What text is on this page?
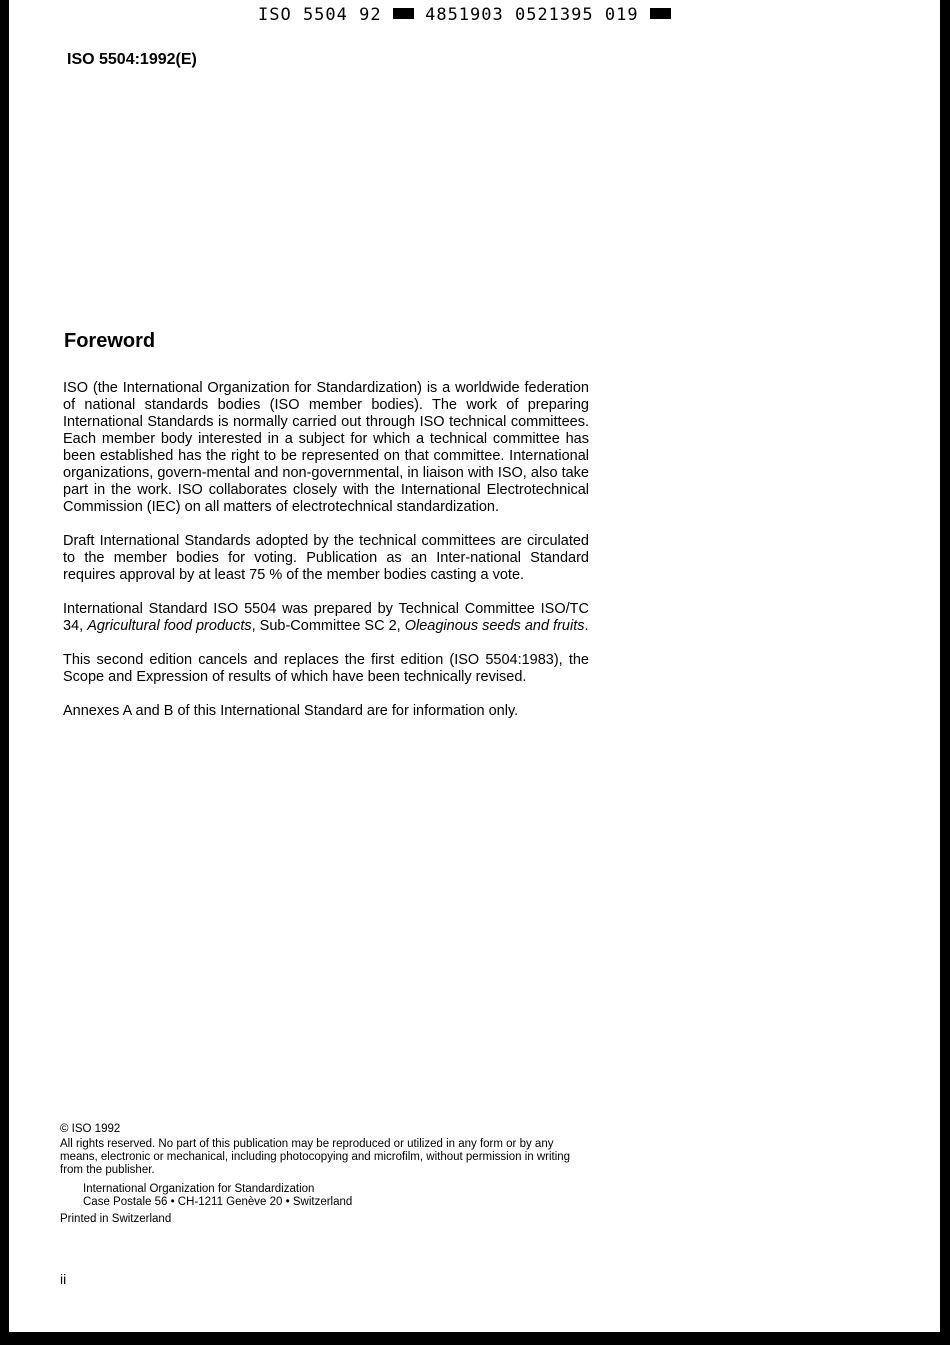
ISO 5504 92	4851903 0521395 019
ISO 5504:1992(E)
Foreword

ISO (the International Organization for Standardization) is a worldwide federation of national standards bodies (ISO member bodies). The work of preparing International Standards is normally carried out through ISO technical committees. Each member body interested in a subject for which a technical committee has been established has the right to be represented on that committee. International organizations, govern-mental and non-governmental, in liaison with ISO, also take part in the work. ISO collaborates closely with the International Electrotechnical Commission (IEC) on all matters of electrotechnical standardization.

Draft International Standards adopted by the technical committees are circulated to the member bodies for voting. Publication as an Inter-national Standard requires approval by at least 75 % of the member bodies casting a vote.

International Standard ISO 5504 was prepared by Technical Committee ISO/TC 34, Agricultural food products, Sub-Committee SC 2, Oleaginous seeds and fruits.

This second edition cancels and replaces the first edition (ISO 5504:1983), the Scope and Expression of results of which have been technically revised.

Annexes A and B of this International Standard are for information only.

© ISO 1992

All rights reserved. No part of this publication may be reproduced or utilized in any form or by any means, electronic or mechanical, including photocopying and microfilm, without permission in writing from the publisher.

International Organization for Standardization
Case Postale 56 • CH-1211 Genève 20 • Switzerland

Printed in Switzerland

ii
